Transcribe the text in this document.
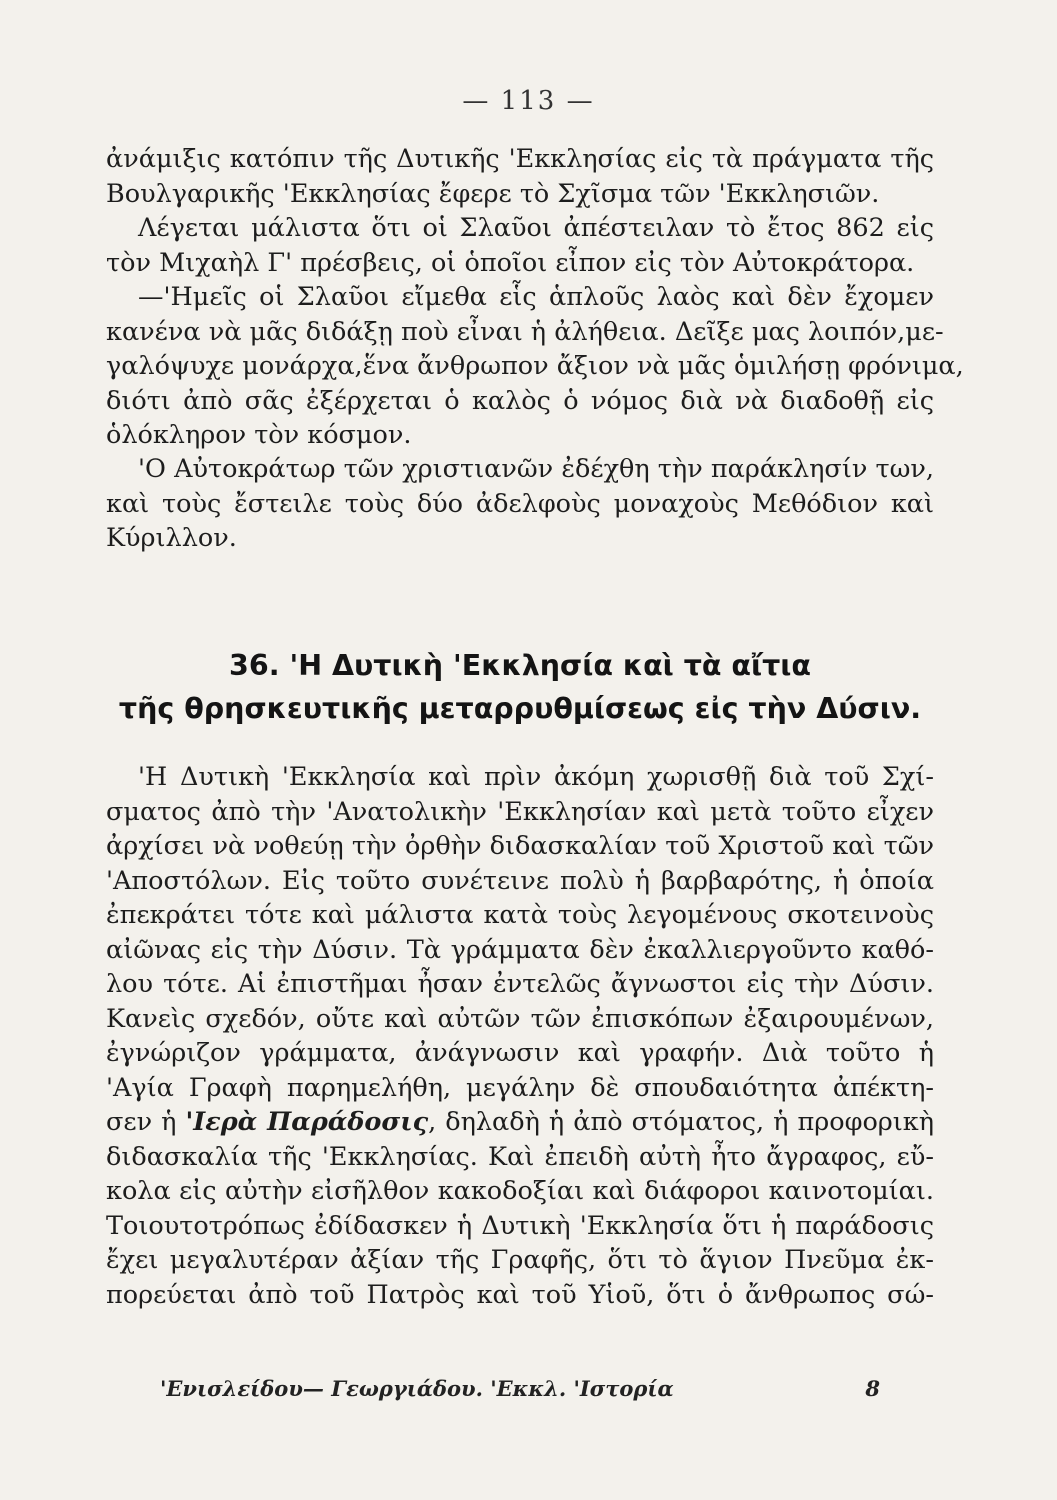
— 113 —
ἀνάμιξις κατόπιν τῆς Δυτικῆς 'Εκκλησίας εἰς τὰ πράγματα τῆς
Βουλγαρικῆς 'Εκκλησίας ἔφερε τὸ Σχῖσμα τῶν 'Εκκλησιῶν.
Λέγεται μάλιστα ὅτι οἱ Σλαῦοι ἀπέστειλαν τὸ ἔτος 862 εἰς
τὸν Μιχαὴλ Γ' πρέσβεις, οἱ ὁποῖοι εἶπον εἰς τὸν Αὐτοκράτορα.
—'Ημεῖς οἱ Σλαῦοι εἴμεθα εἷς ἁπλοῦς λαὸς καὶ δὲν ἔχομεν
κανένα νὰ μᾶς διδάξῃ ποὺ εἶναι ἡ ἀλήθεια. Δεῖξε μας λοιπόν,με-
γαλόψυχε μονάρχα,ἕνα ἄνθρωπον ἄξιον νὰ μᾶς ὁμιλήσῃ φρόνιμα,
διότι ἀπὸ σᾶς ἐξέρχεται ὁ καλὸς ὁ νόμος διὰ νὰ διαδοθῇ εἰς
ὁλόκληρον τὸν κόσμον.
'Ο Αὐτοκράτωρ τῶν χριστιανῶν ἐδέχθη τὴν παράκλησίν των,
καὶ τοὺς ἔστειλε τοὺς δύο ἀδελφοὺς μοναχοὺς Μεθόδιον καὶ
Κύριλλον.
36. 'Η Δυτικὴ 'Εκκλησία καὶ τὰ αἴτια
τῆς θρησκευτικῆς μεταρρυθμίσεως εἰς τὴν Δύσιν.
'Η Δυτικὴ 'Εκκλησία καὶ πρὶν ἀκόμη χωρισθῇ διὰ τοῦ Σχί-
σματος ἀπὸ τὴν 'Ανατολικὴν 'Εκκλησίαν καὶ μετὰ τοῦτο εἶχεν
ἀρχίσει νὰ νοθεύῃ τὴν ὀρθὴν διδασκαλίαν τοῦ Χριστοῦ καὶ τῶν
'Αποστόλων. Εἰς τοῦτο συνέτεινε πολὺ ἡ βαρβαρότης, ἡ ὁποία
ἐπεκράτει τότε καὶ μάλιστα κατὰ τοὺς λεγομένους σκοτεινοὺς
αἰῶνας εἰς τὴν Δύσιν. Τὰ γράμματα δὲν ἐκαλλιεργοῦντο καθό-
λου τότε. Αἱ ἐπιστῆμαι ἦσαν ἐντελῶς ἄγνωστοι εἰς τὴν Δύσιν.
Κανεὶς σχεδόν, οὔτε καὶ αὐτῶν τῶν ἐπισκόπων ἐξαιρουμένων,
ἐγνώριζον γράμματα, ἀνάγνωσιν καὶ γραφήν. Διὰ τοῦτο ἡ
'Αγία Γραφὴ παρημελήθη, μεγάλην δὲ σπουδαιότητα ἀπέκτη-
σεν ἡ 'Ιερὰ Παράδοσις, δηλαδὴ ἡ ἀπὸ στόματος, ἡ προφορικὴ
διδασκαλία τῆς 'Εκκλησίας. Καὶ ἐπειδὴ αὐτὴ ἦτο ἄγραφος, εὔ-
κολα εἰς αὐτὴν εἰσῆλθον κακοδοξίαι καὶ διάφοροι καινοτομίαι.
Τοιουτοτρόπως ἐδίδασκεν ἡ Δυτικὴ 'Εκκλησία ὅτι ἡ παράδοσις
ἔχει μεγαλυτέραν ἀξίαν τῆς Γραφῆς, ὅτι τὸ ἅγιον Πνεῦμα ἐκ-
πορεύεται ἀπὸ τοῦ Πατρὸς καὶ τοῦ Υἱοῦ, ὅτι ὁ ἄνθρωπος σώ-
'Ενισλείδου— Γεωργιάδου. 'Εκκλ. 'Ιστορία	8
